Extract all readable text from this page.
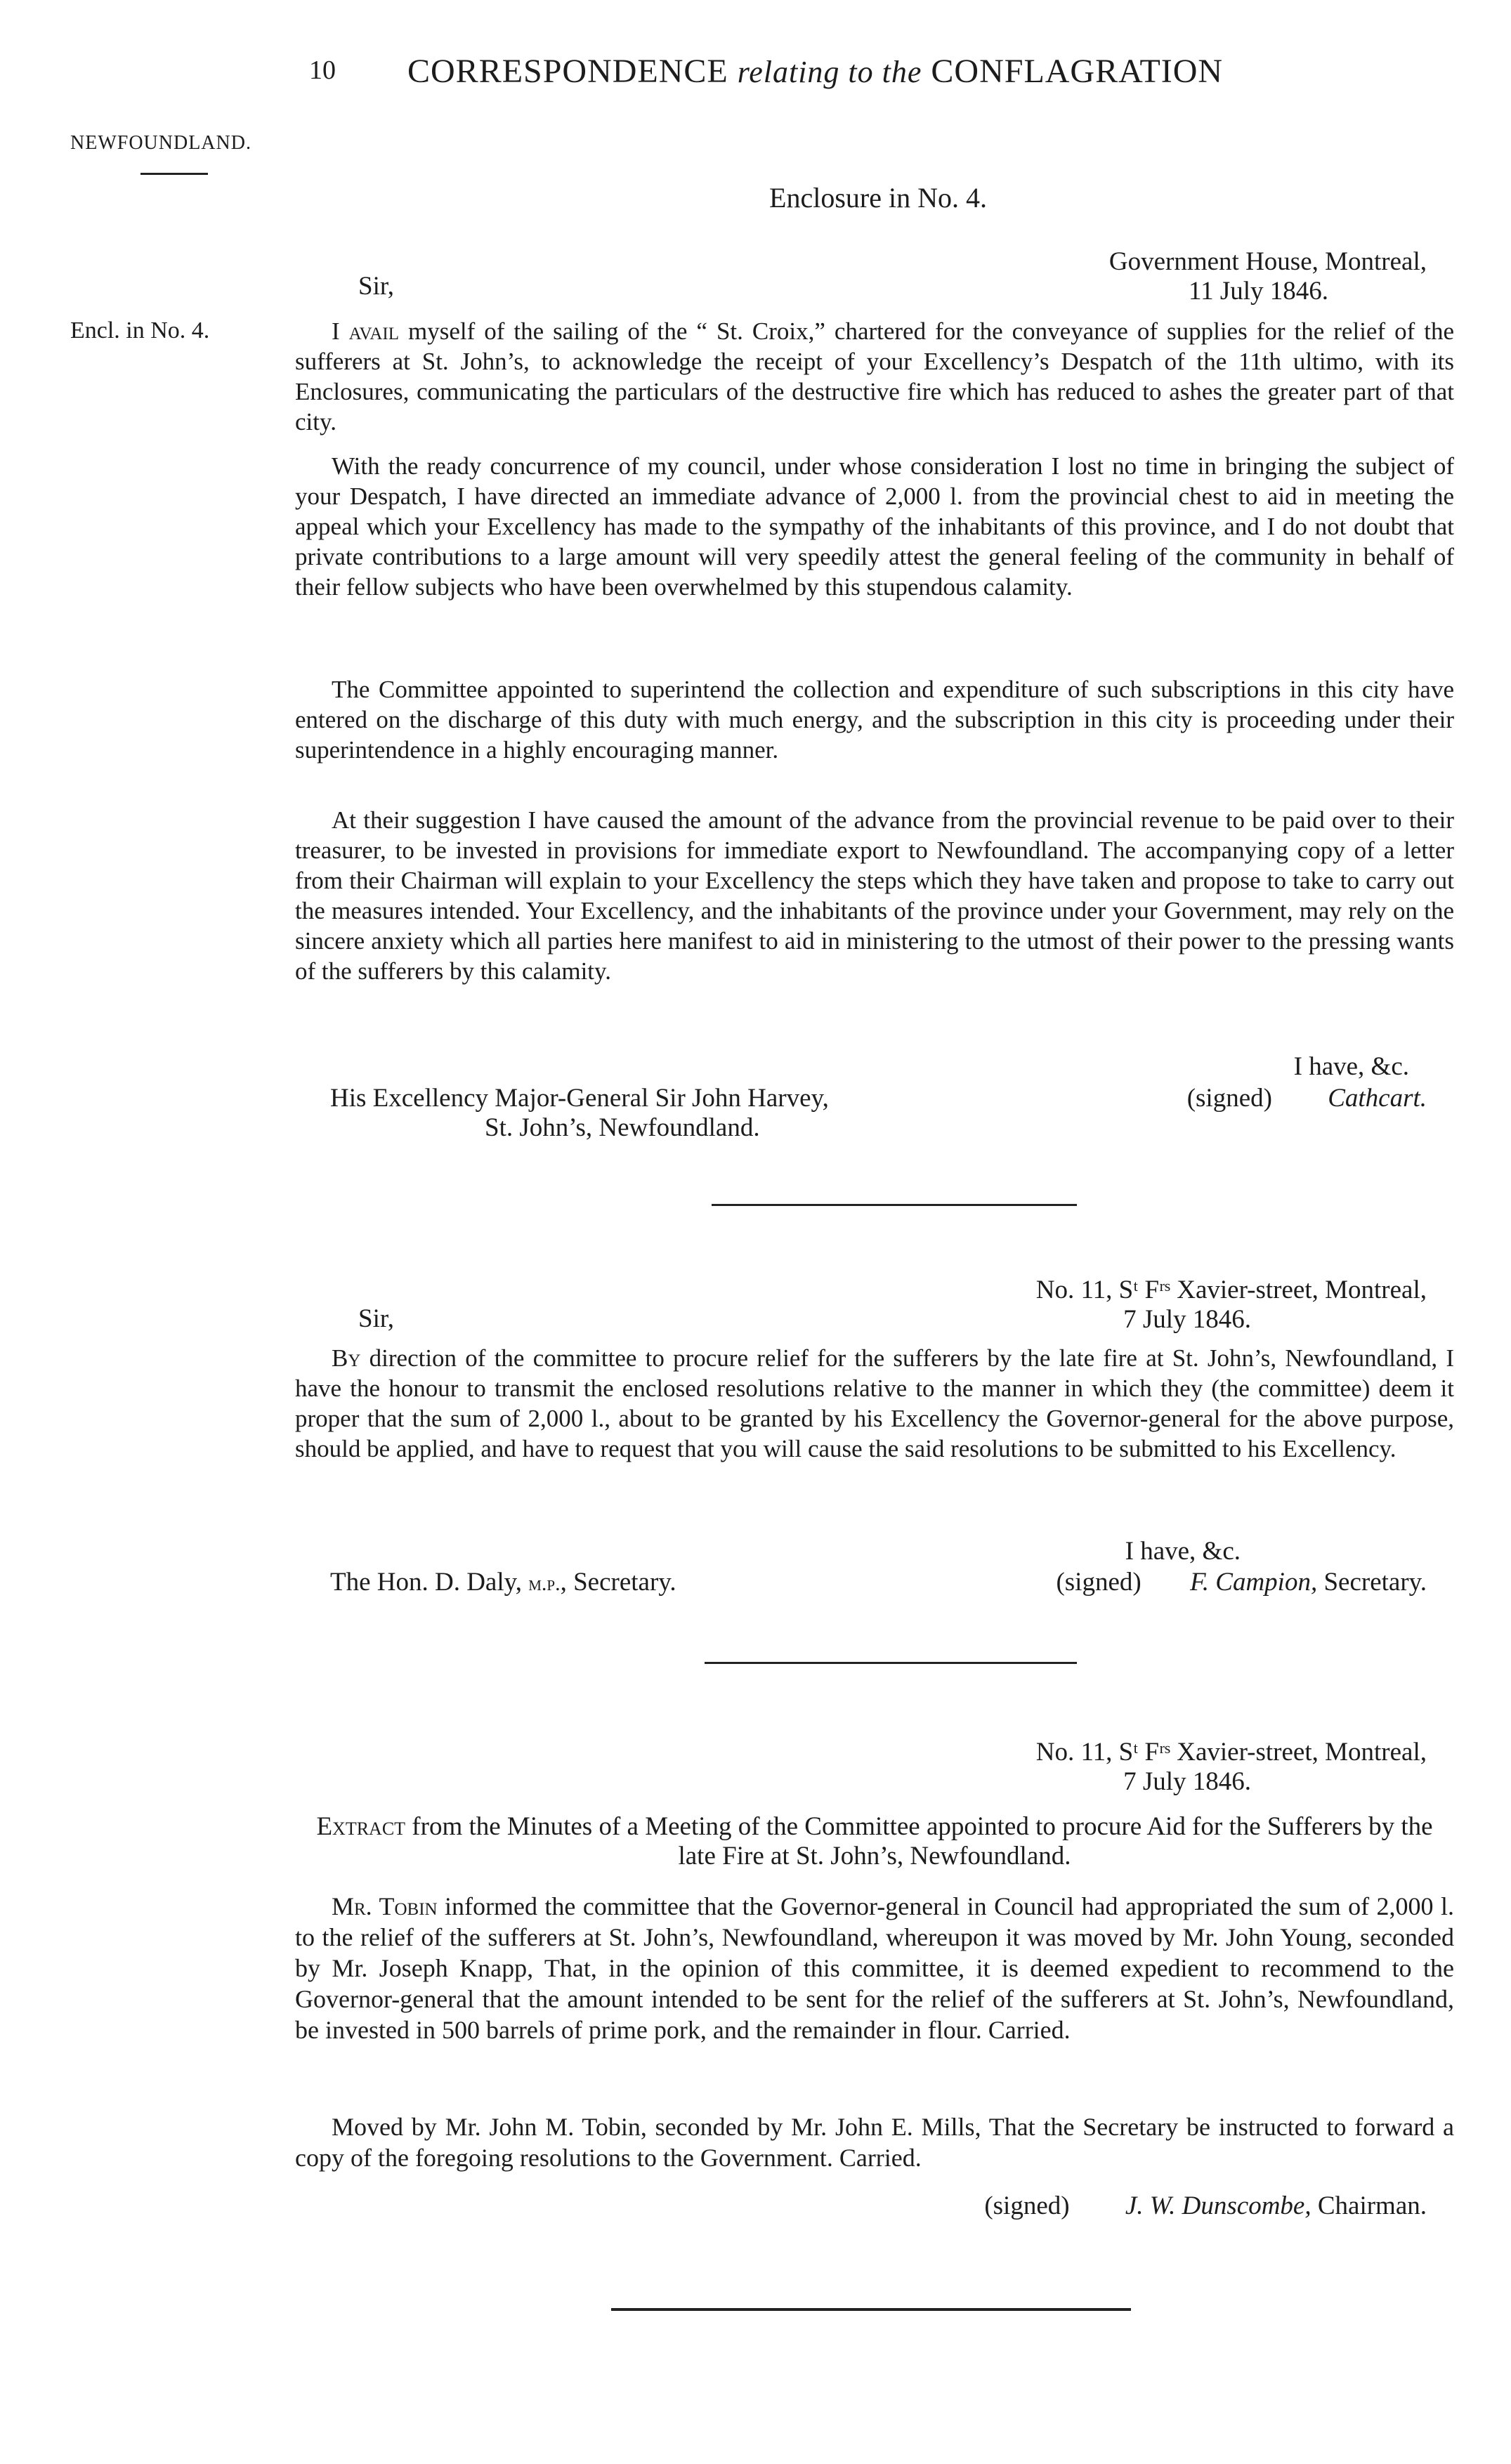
10 CORRESPONDENCE relating to the CONFLAGRATION
NEWFOUNDLAND.
Encl. in No. 4.
Enclosure in No. 4.
Government House, Montreal,
11 July 1846.
Sir,
I avail myself of the sailing of the “ St. Croix,” chartered for the conveyance of supplies for the relief of the sufferers at St. John’s, to acknowledge the receipt of your Excellency’s Despatch of the 11th ultimo, with its Enclosures, communicating the particulars of the destructive fire which has reduced to ashes the greater part of that city.
With the ready concurrence of my council, under whose consideration I lost no time in bringing the subject of your Despatch, I have directed an immediate advance of 2,000 l. from the provincial chest to aid in meeting the appeal which your Excellency has made to the sympathy of the inhabitants of this province, and I do not doubt that private contributions to a large amount will very speedily attest the general feeling of the community in behalf of their fellow subjects who have been overwhelmed by this stupendous calamity.
The Committee appointed to superintend the collection and expenditure of such subscriptions in this city have entered on the discharge of this duty with much energy, and the subscription in this city is proceeding under their superintendence in a highly encouraging manner.
At their suggestion I have caused the amount of the advance from the provincial revenue to be paid over to their treasurer, to be invested in provisions for immediate export to Newfoundland. The accompanying copy of a letter from their Chairman will explain to your Excellency the steps which they have taken and propose to take to carry out the measures intended. Your Excellency, and the inhabitants of the province under your Government, may rely on the sincere anxiety which all parties here manifest to aid in ministering to the utmost of their power to the pressing wants of the sufferers by this calamity.
I have, &c.
(signed) Cathcart.
His Excellency Major-General Sir John Harvey,
St. John’s, Newfoundland.
No. 11, Sᵗ Fʳˢ Xavier-street, Montreal,
7 July 1846.
Sir,
By direction of the committee to procure relief for the sufferers by the late fire at St. John’s, Newfoundland, I have the honour to transmit the enclosed resolutions relative to the manner in which they (the committee) deem it proper that the sum of 2,000 l., about to be granted by his Excellency the Governor-general for the above purpose, should be applied, and have to request that you will cause the said resolutions to be submitted to his Excellency.
I have, &c.
(signed) F. Campion, Secretary.
The Hon. D. Daly, m.p., Secretary.
No. 11, Sᵗ Fʳˢ Xavier-street, Montreal,
7 July 1846.
Extract from the Minutes of a Meeting of the Committee appointed to procure Aid for the Sufferers by the late Fire at St. John’s, Newfoundland.
Mr. Tobin informed the committee that the Governor-general in Council had appropriated the sum of 2,000 l. to the relief of the sufferers at St. John’s, Newfoundland, whereupon it was moved by Mr. John Young, seconded by Mr. Joseph Knapp, That, in the opinion of this committee, it is deemed expedient to recommend to the Governor-general that the amount intended to be sent for the relief of the sufferers at St. John’s, Newfoundland, be invested in 500 barrels of prime pork, and the remainder in flour. Carried.
Moved by Mr. John M. Tobin, seconded by Mr. John E. Mills, That the Secretary be instructed to forward a copy of the foregoing resolutions to the Government. Carried.
(signed) J. W. Dunscombe, Chairman.
